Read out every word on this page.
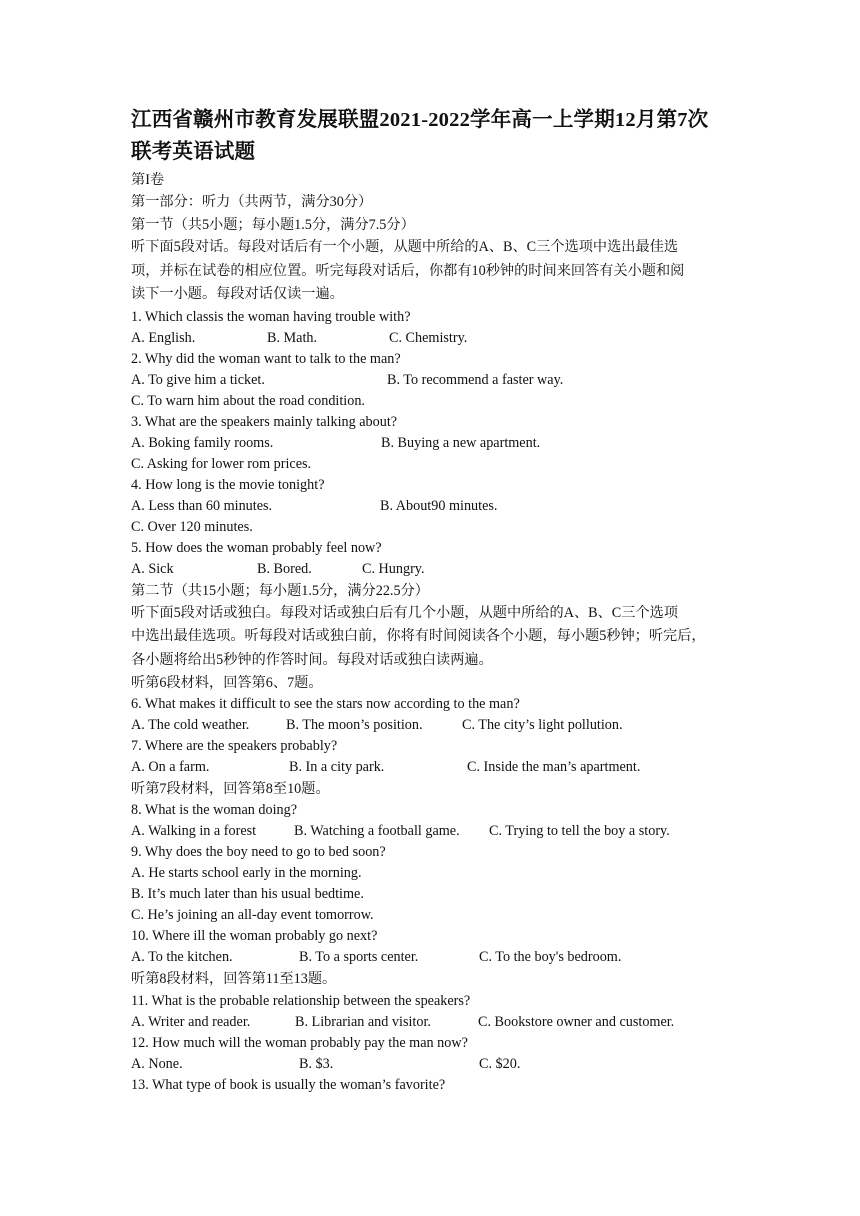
江西省赣州市教育发展联盟2021-2022学年高一上学期12月第7次
联考英语试题
第I卷
第一部分：听力（共两节，满分30分）
第一节（共5小题；每小题1.5分，满分7.5分）
听下面5段对话。每段对话后有一个小题，从题中所给的A、B、C三个选项中选出最佳选
项，并标在试卷的相应位置。听完每段对话后，你都有10秒钟的时间来回答有关小题和阅
读下一小题。每段对话仅读一遍。
1. Which classis the woman having trouble with?
A. English.	B. Math.	C. Chemistry.
2. Why did the woman want to talk to the man?
A. To give him a ticket.	B. To recommend a faster way.
C. To warn him about the road condition.
3. What are the speakers mainly talking about?
A. Boking family rooms.	B. Buying a new apartment.
C. Asking for lower rom prices.
4. How long is the movie tonight?
A. Less than 60 minutes.	B. About90 minutes.
C. Over 120 minutes.
5. How does the woman probably feel now?
A. Sick	B. Bored.	C. Hungry.
第二节（共15小题；每小题1.5分，满分22.5分）
听下面5段对话或独白。每段对话或独白后有几个小题，从题中所给的A、B、C三个选项
中选出最佳选项。听每段对话或独白前，你将有时间阅读各个小题，每小题5秒钟；听完后，
各小题将给出5秒钟的作答时间。每段对话或独白读两遍。
听第6段材料，回答第6、7题。
6. What makes it difficult to see the stars now according to the man?
A. The cold weather.	B. The moon’s position.	C. The city’s light pollution.
7. Where are the speakers probably?
A. On a farm.	B. In a city park.	C. Inside the man’s apartment.
听第7段材料，回答第8至10题。
8. What is the woman doing?
A. Walking in a forest	B. Watching a football game. C. Trying to tell the boy a story.
9. Why does the boy need to go to bed soon?
A. He starts school early in the morning.
B. It’s much later than his usual bedtime.
C. He’s joining an all-day event tomorrow.
10. Where ill the woman probably go next?
A. To the kitchen.	B. To a sports center.	C. To the boy's bedroom.
听第8段材料，回答第11至13题。
11. What is the probable relationship between the speakers?
A. Writer and reader.	B. Librarian and visitor.	C. Bookstore owner and customer.
12. How much will the woman probably pay the man now?
A. None.	B. $3.	C. $20.
13. What type of book is usually the woman’s favorite?
